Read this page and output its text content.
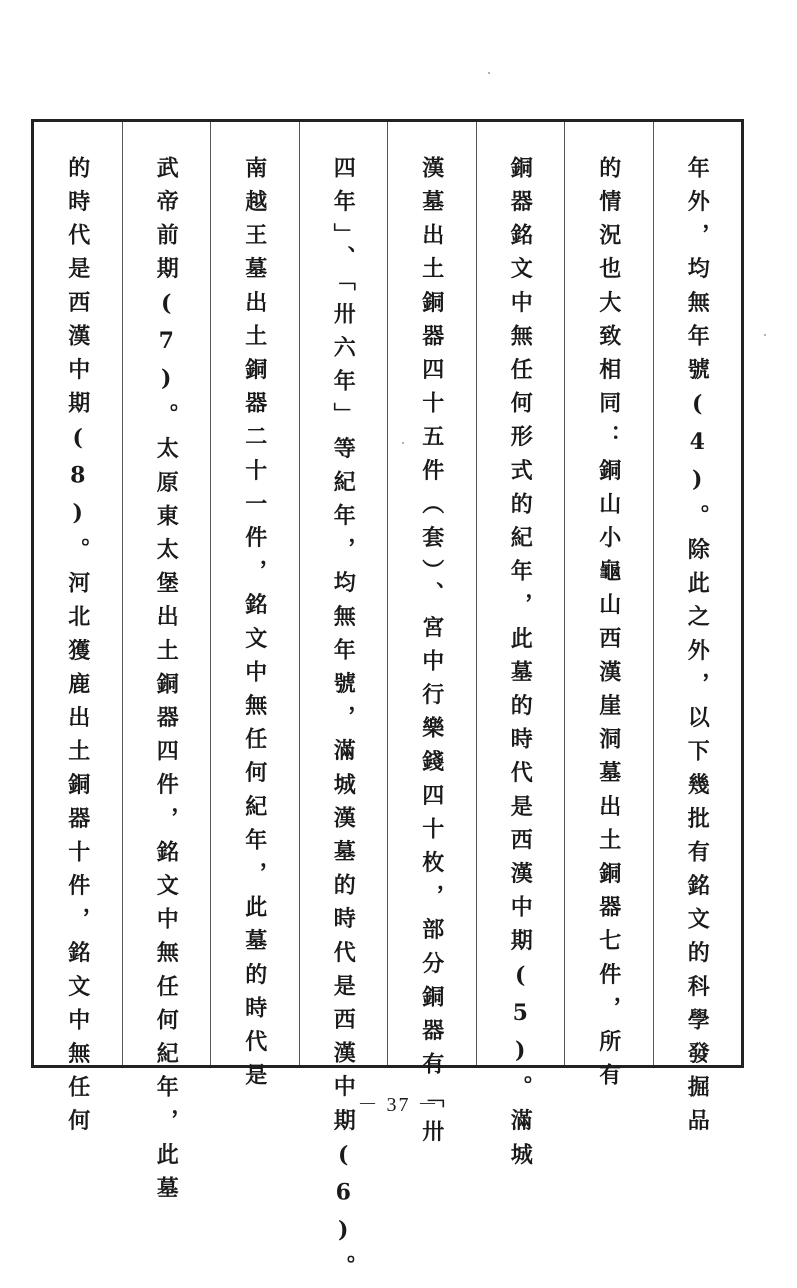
年外，均無年號(4)。除此之外，以下幾批有銘文的科學發掘品
的情況也大致相同：銅山小龜山西漢崖洞墓出土銅器七件，所有
銅器銘文中無任何形式的紀年，此墓的時代是西漢中期(5)。滿城
漢墓出土銅器四十五件（套）、宮中行樂錢四十枚，部分銅器有「卅
四年」、「卅六年」等紀年，均無年號，滿城漢墓的時代是西漢中期(6)。
南越王墓出土銅器二十一件，銘文中無任何紀年，此墓的時代是
武帝前期(7)。太原東太堡出土銅器四件，銘文中無任何紀年，此墓
的時代是西漢中期(8)。河北獲鹿出土銅器十件，銘文中無任何	－ 37 －
